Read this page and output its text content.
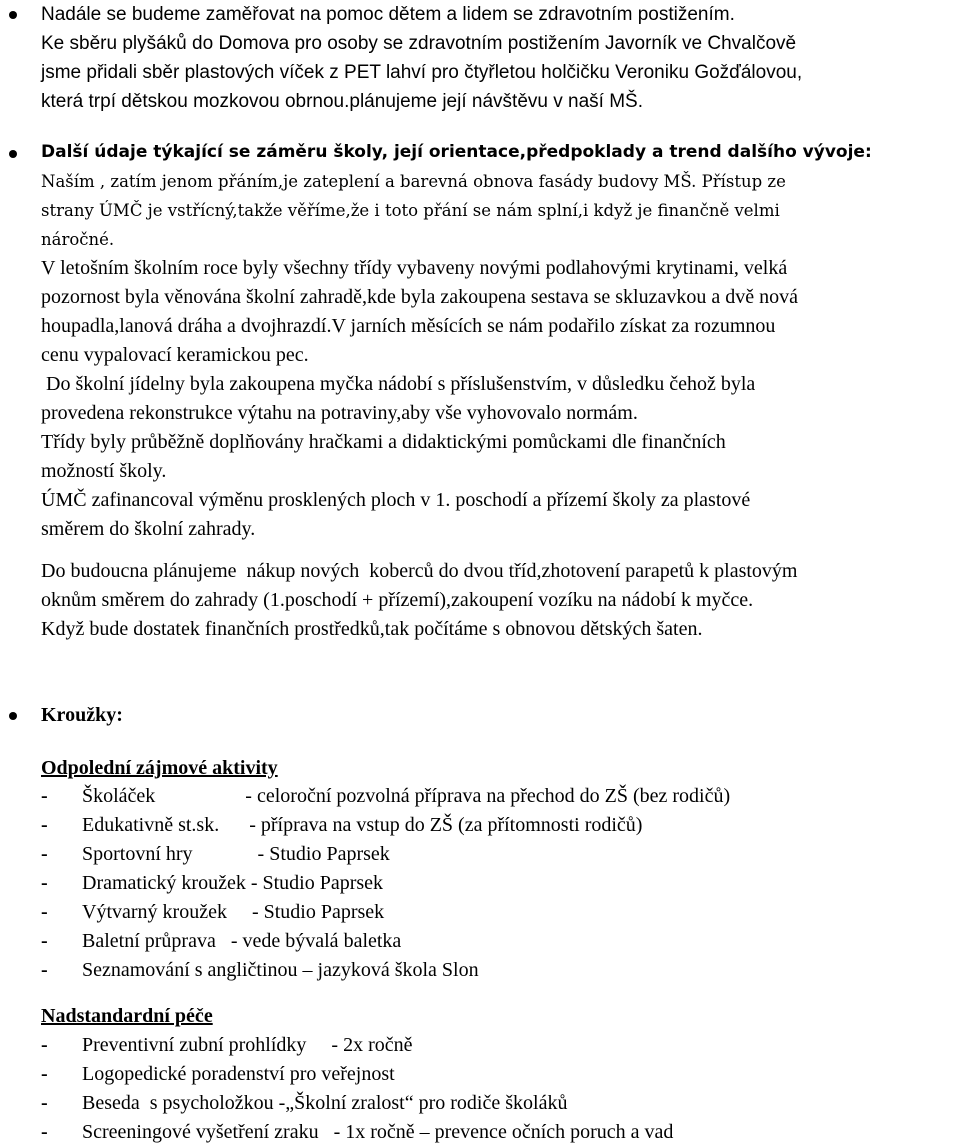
Nadále se budeme zaměřovat na pomoc dětem a lidem se zdravotním postižením.
Ke sběru plyšáků do Domova pro osoby se zdravotním postižením Javorník ve Chvalčově
jsme přidali sběr plastových víček z PET lahví pro čtyřletou holčičku Veroniku Gožďálovou,
která trpí dětskou mozkovou obrnou.plánujeme její návštěvu v naší MŠ.
Další údaje týkající se záměru školy, její orientace,předpoklady a trend dalšího vývoje:
Naším , zatím jenom přáním,je zateplení a barevná obnova fasády budovy MŠ. Přístup ze
strany ÚMČ je vstřícný,takže věříme,že i toto přání se nám splní,i když je finančně velmi
náročné.
V letošním školním roce byly všechny třídy vybaveny novými podlahovými krytinami, velká
pozornost byla věnována školní zahradě,kde byla zakoupena sestava se skluzavkou a dvě nová
houpadla,lanová dráha a dvojhrazdí.V jarních měsících se nám podařilo získat za rozumnou
cenu vypalovací keramickou pec.
Do školní jídelny byla zakoupena myčka nádobí s příslušenstvím, v důsledku čehož byla
provedena rekonstrukce výtahu na potraviny,aby vše vyhovovalo normám.
Třídy byly průběžně doplňovány hračkami a didaktickými pomůckami dle finančních
možností školy.
ÚMČ zafinancoval výměnu prosklených ploch v 1. poschodí a přízemí školy za plastové
směrem do školní zahrady.
Do budoucna plánujeme  nákup nových  koberců do dvou tříd,zhotovení parapetů k plastovým
oknům směrem do zahrady (1.poschodí + přízemí),zakoupení vozíku na nádobí k myčce.
Když bude dostatek finančních prostředků,tak počítáme s obnovou dětských šaten.
Kroužky:
Odpolední zájmové aktivity
- Školáček                  - celoroční pozvolná příprava na přechod do ZŠ (bez rodičů)
- Edukativně st.sk.      - příprava na vstup do ZŠ (za přítomnosti rodičů)
- Sportovní hry             - Studio Paprsek
- Dramatický kroužek - Studio Paprsek
- Výtvarný kroužek     - Studio Paprsek
- Baletní průprava   - vede bývalá baletka
- Seznamování s angličtinou – jazyková škola Slon
Nadstandardní péče
- Preventivní zubní prohlídky     - 2x ročně
- Logopedické poradenství pro veřejnost
- Beseda  s psycholožkou -„Školní zralost“ pro rodiče školáků
- Screeningové vyšetření zraku   - 1x ročně – prevence očních poruch a vad
